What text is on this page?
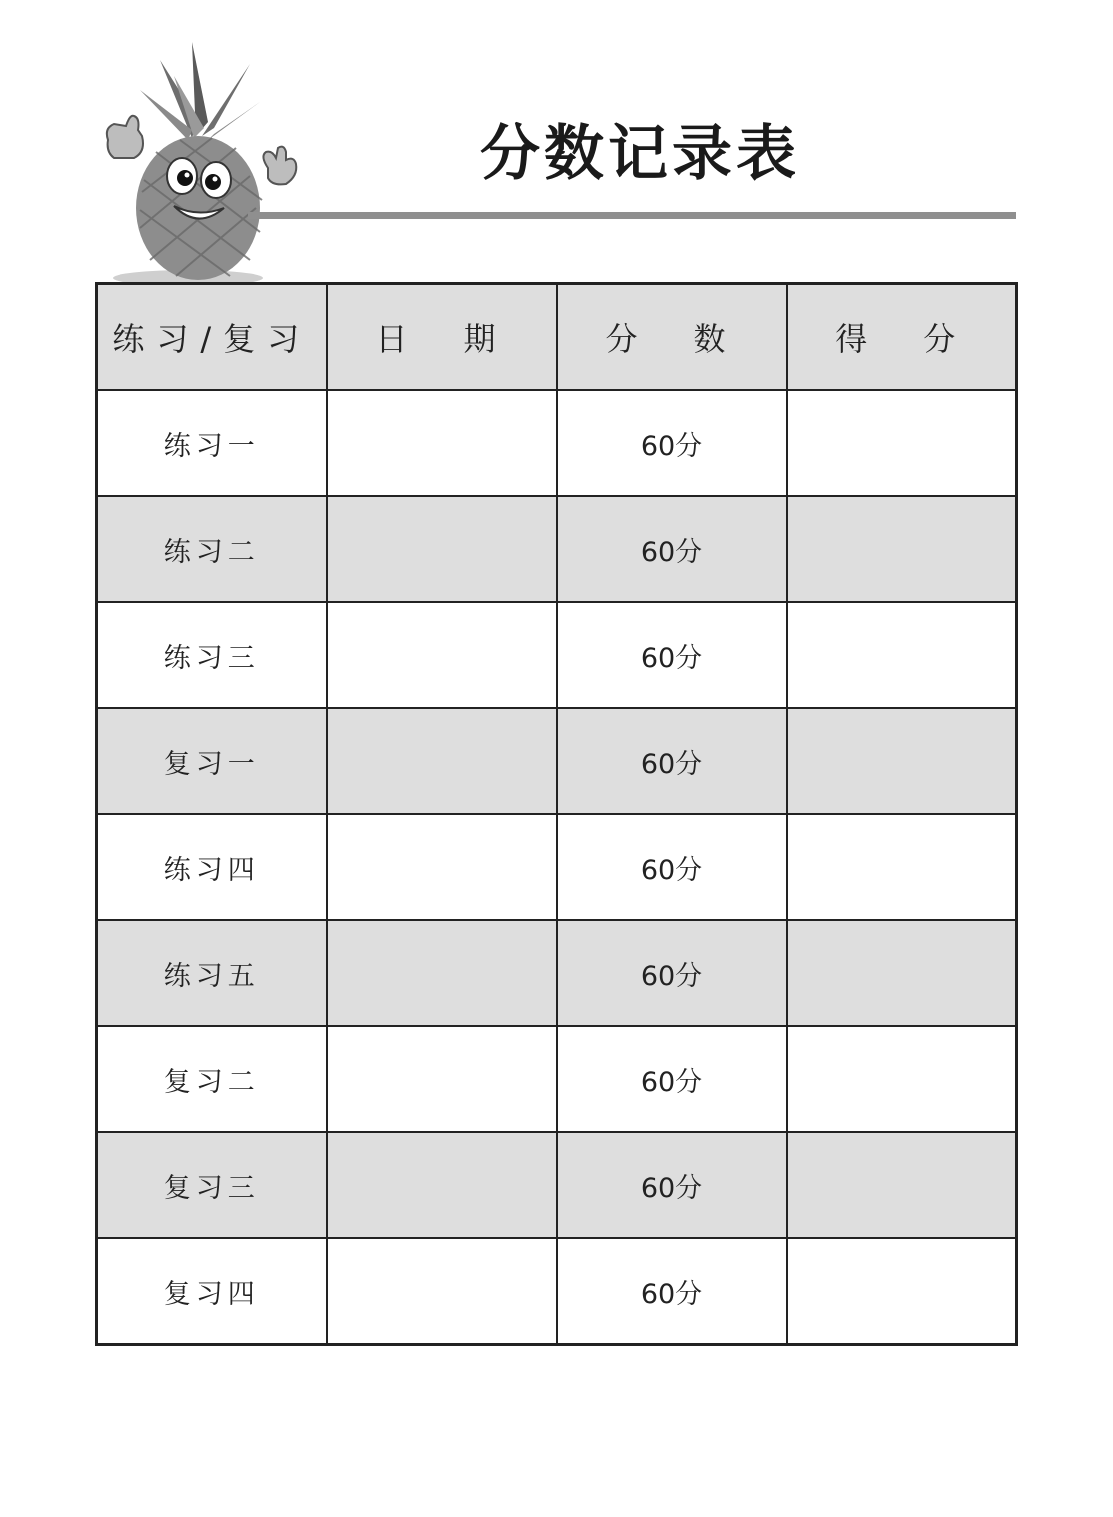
分数记录表
练习/复习	日　期	分　数	得　分
练习一		60分	
练习二		60分	
练习三		60分	
复习一		60分	
练习四		60分	
练习五		60分	
复习二		60分	
复习三		60分	
复习四		60分	
